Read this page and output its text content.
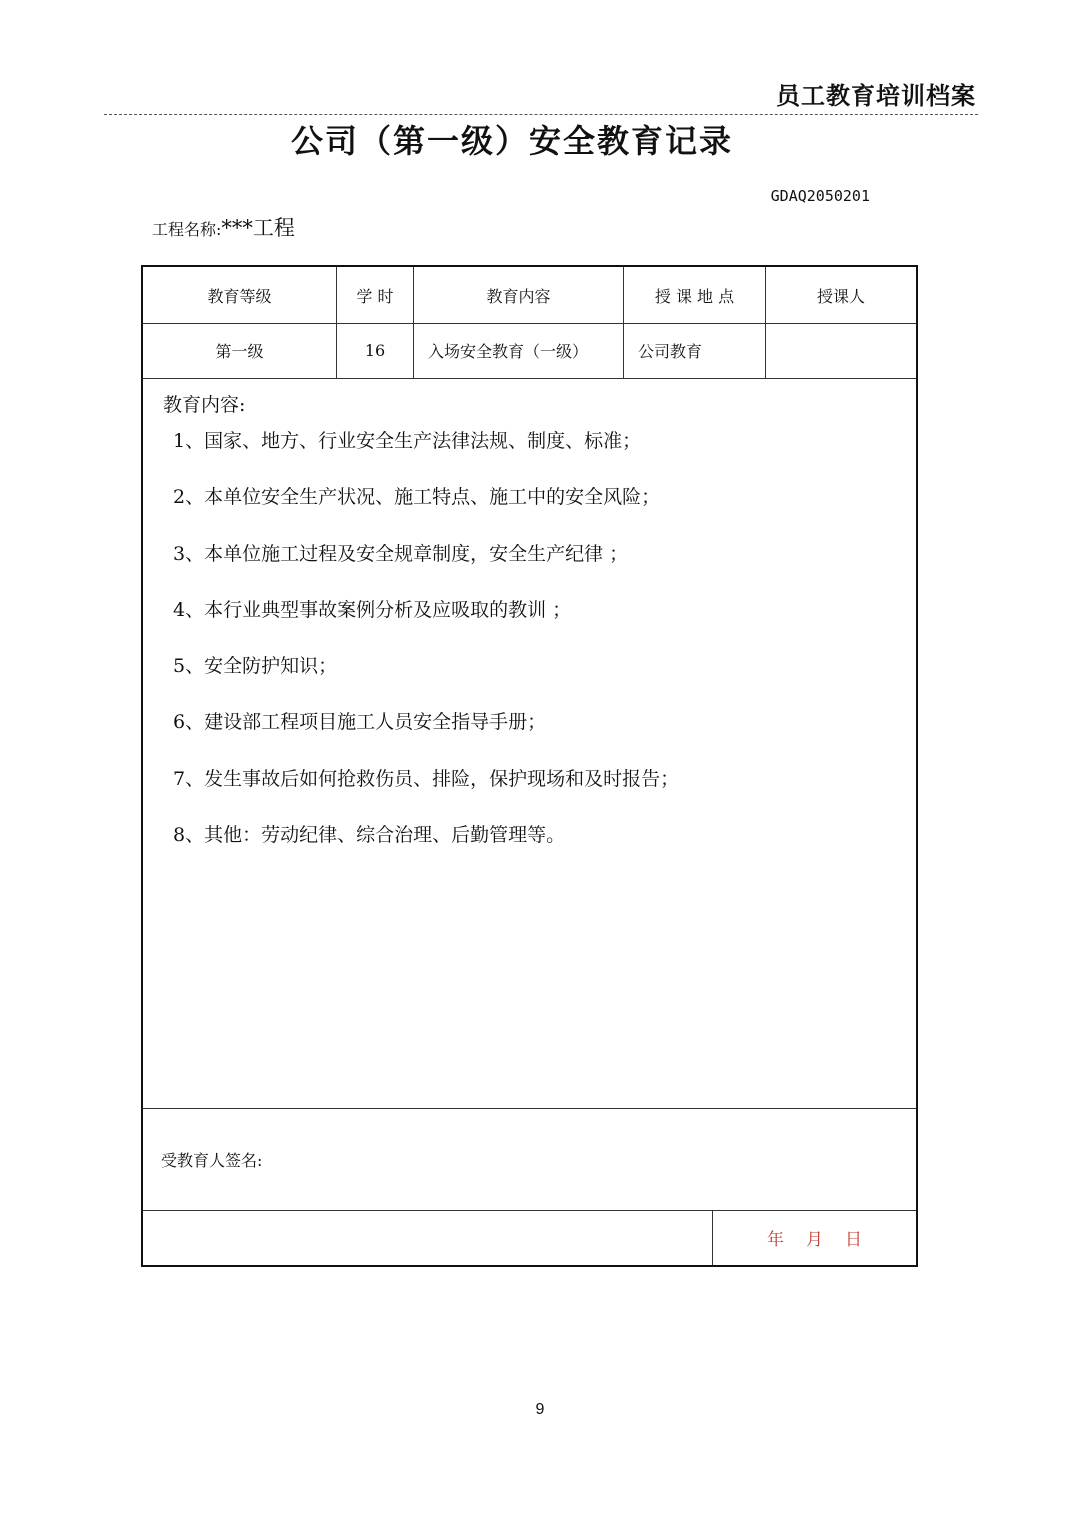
员工教育培训档案
公司（第一级）安全教育记录
GDAQ2050201
工程名称:***工程
教育等级	学 时	教育内容	授 课 地 点	授课人
第一级	16	入场安全教育（一级）	公司教育
教育内容:
1、国家、地方、行业安全生产法律法规、制度、标准；
2、本单位安全生产状况、施工特点、施工中的安全风险；
3、本单位施工过程及安全规章制度，安全生产纪律 ；
4、本行业典型事故案例分析及应吸取的教训 ；
5、安全防护知识；
6、建设部工程项目施工人员安全指导手册；
7、发生事故后如何抢救伤员、排险，保护现场和及时报告；
8、其他：劳动纪律、综合治理、后勤管理等。
受教育人签名:
年 月 日
9
